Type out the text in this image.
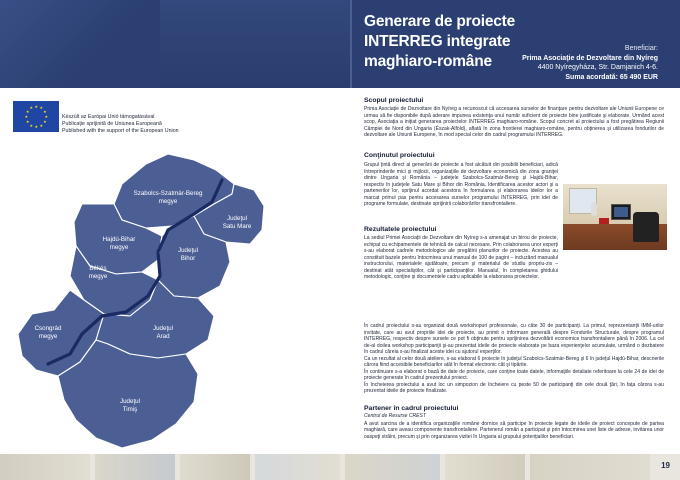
Generare de proiecte
INTERREG integrate
maghiaro-române
Beneficiar:
Prima Asociaţie de Dezvoltare din Nyíreg
4400 Nyíregyháza, Str. Damjanich 4-6.
Suma acordată: 65 490 EUR
★
★
★
★
★
★
★
★
★ ★ ★
★
Készült az Európai Unió támogatásával
Publicaţie sprijinită de Uniunea Europeană
Published with the support of the European Union
Szabolcs-Szatmár-Bereg
megye
Judeţul
Satu Mare
Hajdú-Bihar
megye	Judeţul
Bihor
Békés
megye
Csongrád
megye
Judeţul
Arad
Judeţul
Timiş
Scopul proiectului
Prima Asociaţie de Dezvoltare din Nyíreg a recunoscut că accesarea surselor de finanţare pentru dezvoltare ale Uniunii Europene ce urmau să fie disponibile după aderare impunea existenţa unui număr suficient de proiecte bine justificate şi elaborate. Urmând acest scop, Asociaţia a iniţiat generarea proiectelor INTERREG maghiaro-române. Scopul concret al proiectului a fost pregătirea Regiunii Câmpiei de Nord din Ungaria (Észak-Alföld), aflată în zona frontierei maghiaro-române, pentru obţinerea şi utilizarea fondurilor de dezvoltare ale Uniunii Europene, în mod special celor din cadrul programului INTERREG.
Conţinutul proiectului
Grupul ţintă direct al generării de proiecte a fost alcătuit din posibilii beneficiari, adică întreprinderile mici şi mijlocii, organizaţiile de dezvoltare economică din zona graniţei dintre Ungaria şi România – judeţele Szabolcs-Szatmár-Bereg şi Hajdú-Bihar, respectiv în judeţele Satu Mare şi Bihor din România. Identificarea acestor actori şi a partenerilor lor, sprijinul acordat acestora în formularea şi elaborarea ideilor lor a marcat primul pas pentru accesarea surselor programului INTERREG, prin idei de programe formulate, destinate sprijinirii colaborărilor transfrontaliere.
Rezultatele proiectului
La sediul Primei Asociaţii de Dezvoltare din Nyíreg s-a amenajat un birou de proiecte, echipat cu echipamentele de tehnică de calcul necesare. Prin colaborarea unor experţi s-au elaborat cadrele metodologice ale pregătirii planurilor de proiecte. Acestea au constituit bazele pentru întocmirea unui manual de 100 de pagini – incluzând manualul instructorului, materialele ajutătoare, precum şi materialul de studiu propriu-zis – destinat atât specialiştilor, cât şi participanţilor. Manualul, în completarea ghidului metodologic, conţine şi documentele cadru aplicabile la elaborarea proiectelor.
În cadrul proiectului s-au organizat două workshopuri profesionale, cu câte 30 de participanţi. La primul, reprezentanţii IMM-urilor invitate, care au avut propriile idei de proiecte, au primit o informare generală despre Fondurile Structurale, despre programul INTERREG, respectiv despre sursele ce pot fi obţinute pentru sprijinirea dezvoltării economice transfrontaliere până în 2006. La cel de-al doilea workshop participanţii şi-au prezentat ideile de proiecte elaborate pe baza experienţelor acumulate, urmând o dezbatere în cadrul căreia s-au finalizat aceste idei cu ajutorul experţilor.
Ca un rezultat al celor două ateliere, s-au elaborat 6 proiecte în judeţul Szabolcs-Szatmár-Bereg şi 6 în judeţul Hajdú-Bihar, descrierile cărora fiind accesibile beneficiarilor atât în format electronic cât şi tipărite.
În continuare s-a elaborat o bază de date de proiecte, care conţine toate datele, informaţiile detaliate referitoare la cele 24 de idei de proiecte generate în cadrul prezentului proiect.
În încheierea proiectului a avut loc un simpozion de încheiere cu peste 50 de participanţi din cele două ţări, în faţa cărora s-au prezentat ideile de proiecte finalizate.
Partener în cadrul proiectului
Centrul de Resurse CREST
A avut sarcina de a identifica organizaţiile române dornice să participe în proiecte legate de ideile de proiect concepute de partea maghiară, care aveau componente transfrontaliere. Partenerul român a participat şi prin întocmirea unei liste de adrese, invitarea unor oaspeţi străini, precum şi prin organizarea vizitei în Ungaria al grupului potenţialilor beneficiari.
19
